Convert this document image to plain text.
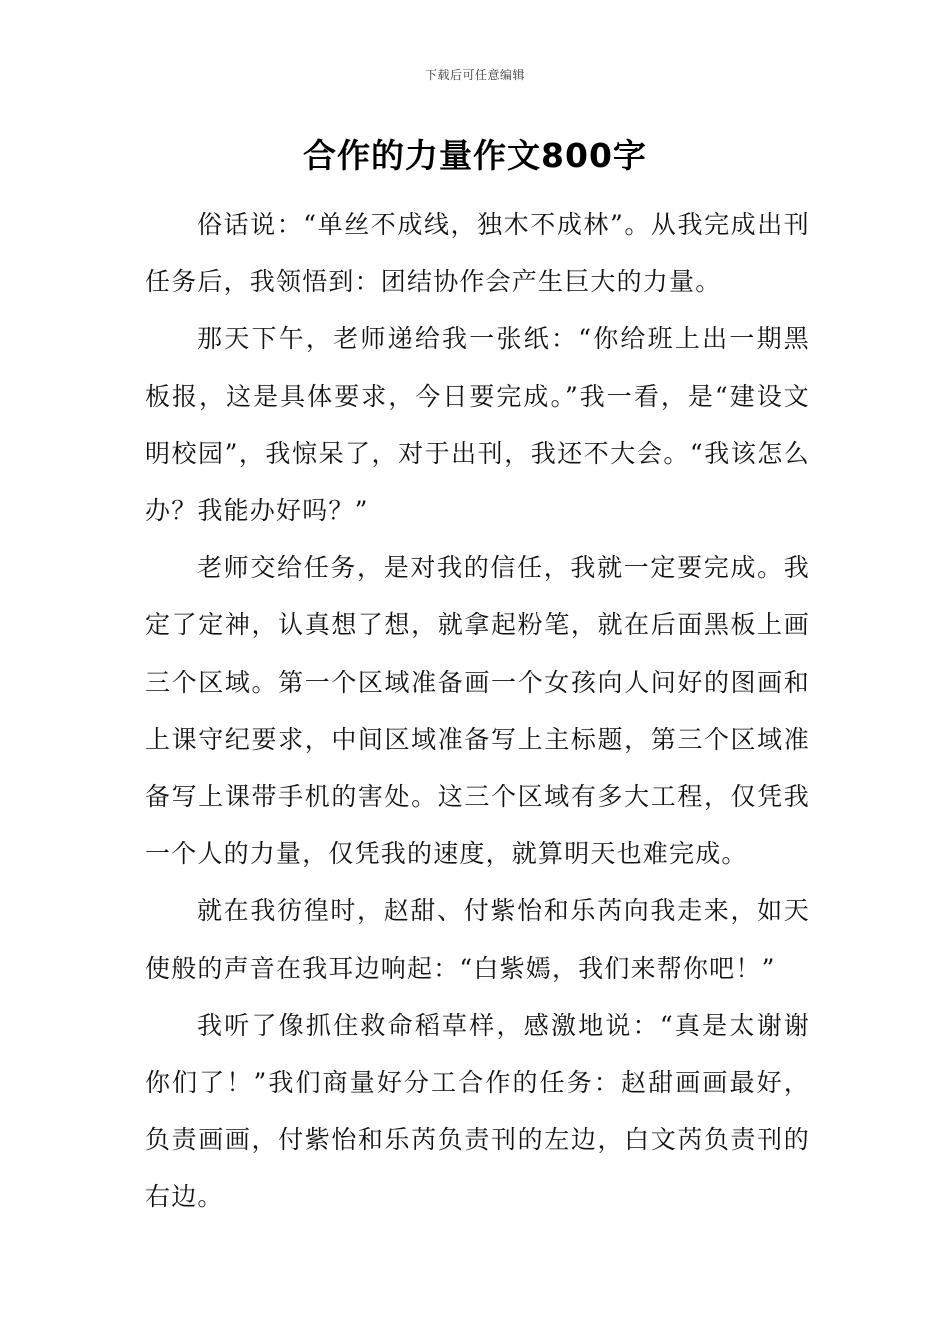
下载后可任意编辑
合作的力量作文800字

俗话说：“单丝不成线，独木不成林”。从我完成出刊任务后，我领悟到：团结协作会产生巨大的力量。

那天下午，老师递给我一张纸：“你给班上出一期黑板报，这是具体要求，今日要完成。”我一看，是“建设文明校园”，我惊呆了，对于出刊，我还不大会。“我该怎么办？我能办好吗？”

老师交给任务，是对我的信任，我就一定要完成。我定了定神，认真想了想，就拿起粉笔，就在后面黑板上画三个区域。第一个区域准备画一个女孩向人问好的图画和上课守纪要求，中间区域准备写上主标题，第三个区域准备写上课带手机的害处。这三个区域有多大工程，仅凭我一个人的力量，仅凭我的速度，就算明天也难完成。

就在我彷徨时，赵甜、付紫怡和乐芮向我走来，如天使般的声音在我耳边响起：“白紫嫣，我们来帮你吧！”

我听了像抓住救命稻草样，感激地说：“真是太谢谢你们了！”我们商量好分工合作的任务：赵甜画画最好，负责画画，付紫怡和乐芮负责刊的左边，白文芮负责刊的右边。
